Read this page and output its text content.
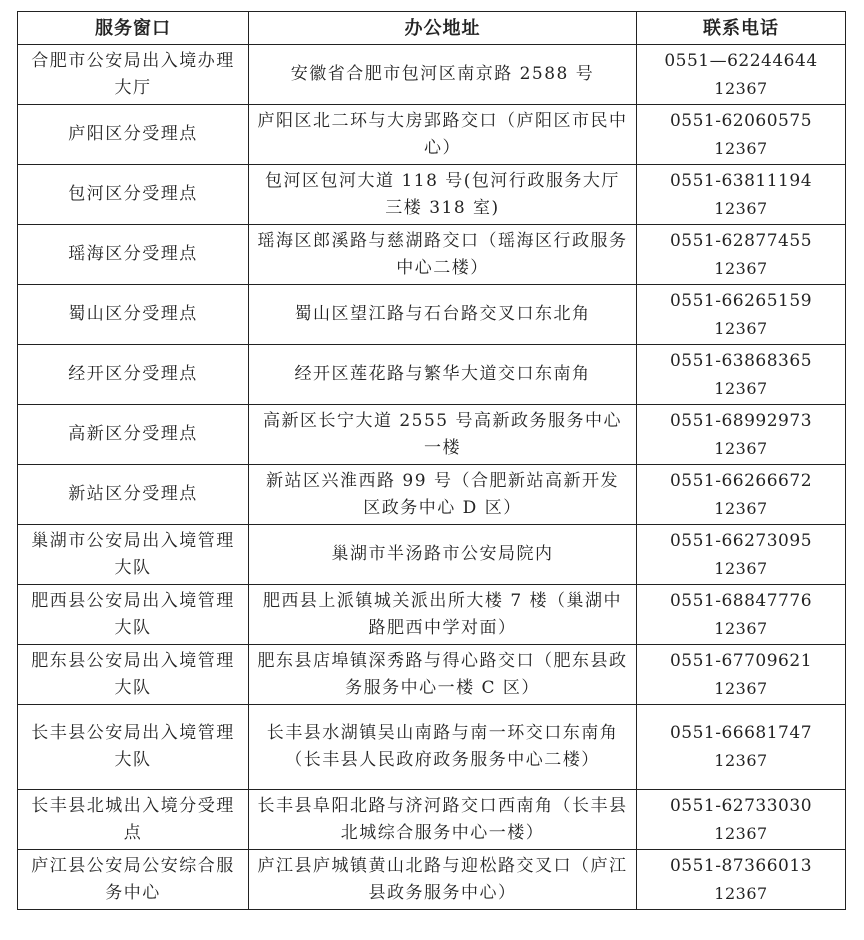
服务窗口	办公地址	联系电话
合肥市公安局出入境办理大厅	安徽省合肥市包河区南京路 2588 号	0551—62244644
12367

庐阳区分受理点	庐阳区北二环与大房郢路交口（庐阳区市民中心）	0551-62060575
12367

包河区分受理点	包河区包河大道 118 号(包河行政服务大厅三楼 318 室)	0551-63811194
12367

瑶海区分受理点	瑶海区郎溪路与慈湖路交口（瑶海区行政服务中心二楼）	0551-62877455
12367

蜀山区分受理点	蜀山区望江路与石台路交叉口东北角	0551-66265159
12367

经开区分受理点	经开区莲花路与繁华大道交口东南角	0551-63868365
12367

高新区分受理点	高新区长宁大道 2555 号高新政务服务中心一楼	0551-68992973
12367

新站区分受理点	新站区兴淮西路 99 号（合肥新站高新开发区政务中心 D 区）	0551-66266672
12367

巢湖市公安局出入境管理大队	巢湖市半汤路市公安局院内	0551-66273095
12367

肥西县公安局出入境管理大队	肥西县上派镇城关派出所大楼 7 楼（巢湖中路肥西中学对面）	0551-68847776
12367

肥东县公安局出入境管理大队	肥东县店埠镇深秀路与得心路交口（肥东县政务服务中心一楼 C 区）	0551-67709621
12367

长丰县公安局出入境管理大队	长丰县水湖镇吴山南路与南一环交口东南角（长丰县人民政府政务服务中心二楼）	0551-66681747
12367

长丰县北城出入境分受理点	长丰县阜阳北路与济河路交口西南角（长丰县北城综合服务中心一楼）	0551-62733030
12367

庐江县公安局公安综合服务中心	庐江县庐城镇黄山北路与迎松路交叉口（庐江县政务服务中心）	0551-87366013
12367
